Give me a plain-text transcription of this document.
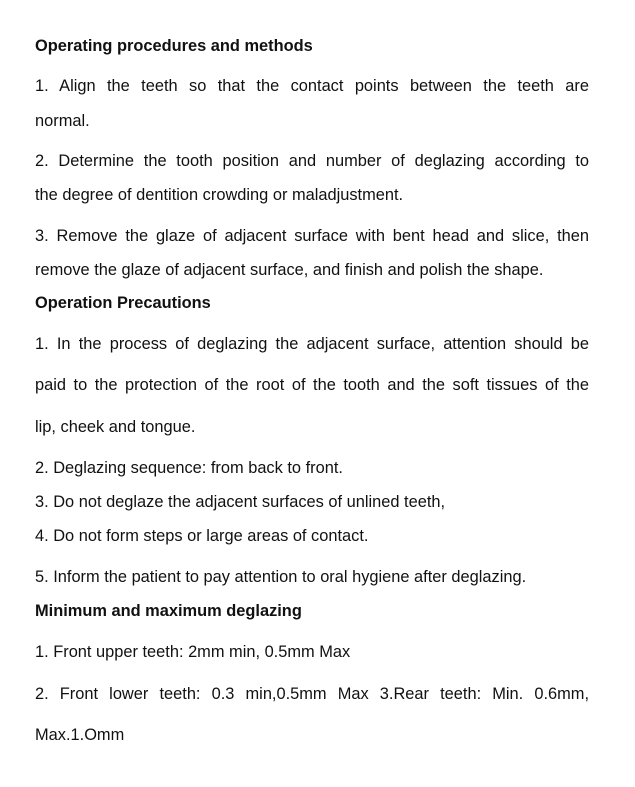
Operating procedures and methods
1. Align the teeth so that the contact points between the teeth are
normal.
2. Determine the tooth position and number of deglazing according to
the degree of dentition crowding or maladjustment.
3. Remove the glaze of adjacent surface with bent head and slice, then
remove the glaze of adjacent surface, and finish and polish the shape.
Operation Precautions
1. In the process of deglazing the adjacent surface, attention should be
paid to the protection of the root of the tooth and the soft tissues of the
lip, cheek and tongue.
2. Deglazing sequence: from back to front.
3. Do not deglaze the adjacent surfaces of unlined teeth,
4. Do not form steps or large areas of contact.
5. Inform the patient to pay attention to oral hygiene after deglazing.
Minimum and maximum deglazing
1. Front upper teeth: 2mm min, 0.5mm Max
2. Front lower teeth: 0.3 min,0.5mm Max 3.Rear teeth: Min. 0.6mm,
Max.1.Omm
